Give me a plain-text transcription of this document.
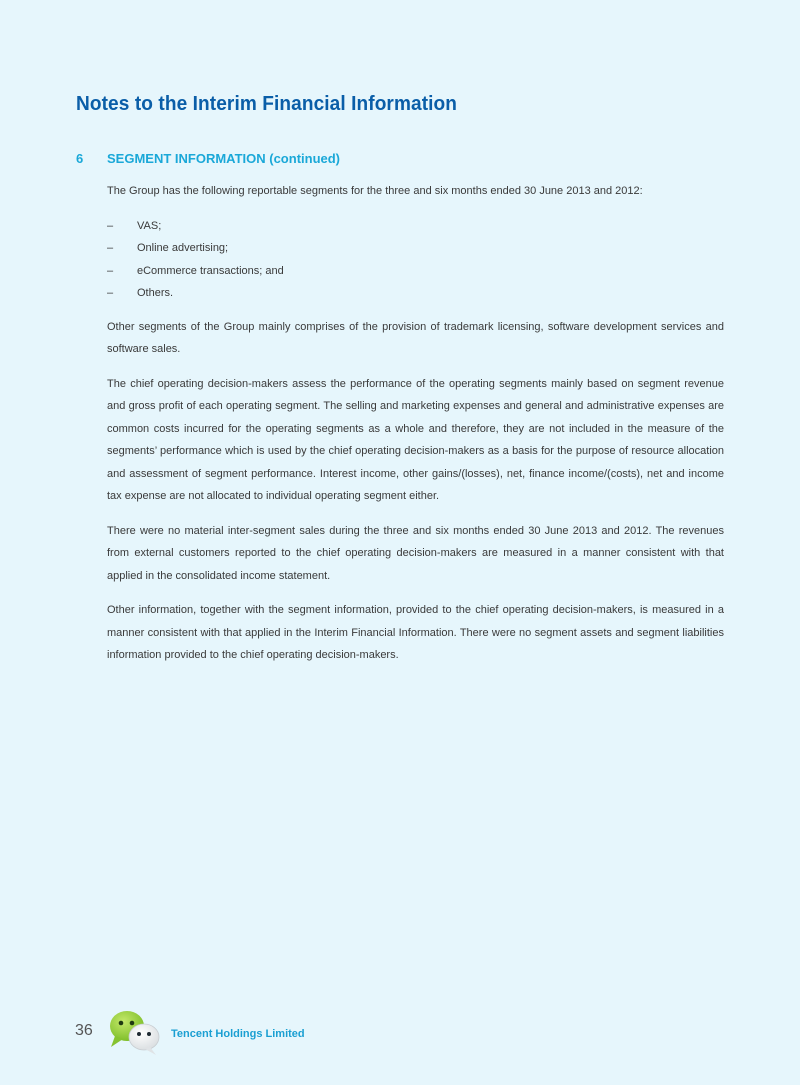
Notes to the Interim Financial Information
6 SEGMENT INFORMATION (continued)

The Group has the following reportable segments for the three and six months ended 30 June 2013 and 2012:

–	VAS;
–	Online advertising;
–	eCommerce transactions; and
–	Others.

Other segments of the Group mainly comprises of the provision of trademark licensing, software development services and software sales.

The chief operating decision-makers assess the performance of the operating segments mainly based on segment revenue and gross profit of each operating segment. The selling and marketing expenses and general and administrative expenses are common costs incurred for the operating segments as a whole and therefore, they are not included in the measure of the segments’ performance which is used by the chief operating decision-makers as a basis for the purpose of resource allocation and assessment of segment performance. Interest income, other gains/(losses), net, finance income/(costs), net and income tax expense are not allocated to individual operating segment either.

There were no material inter-segment sales during the three and six months ended 30 June 2013 and 2012. The revenues from external customers reported to the chief operating decision-makers are measured in a manner consistent with that applied in the consolidated income statement.

Other information, together with the segment information, provided to the chief operating decision-makers, is measured in a manner consistent with that applied in the Interim Financial Information. There were no segment assets and segment liabilities information provided to the chief operating decision-makers.

36	Tencent Holdings Limited
